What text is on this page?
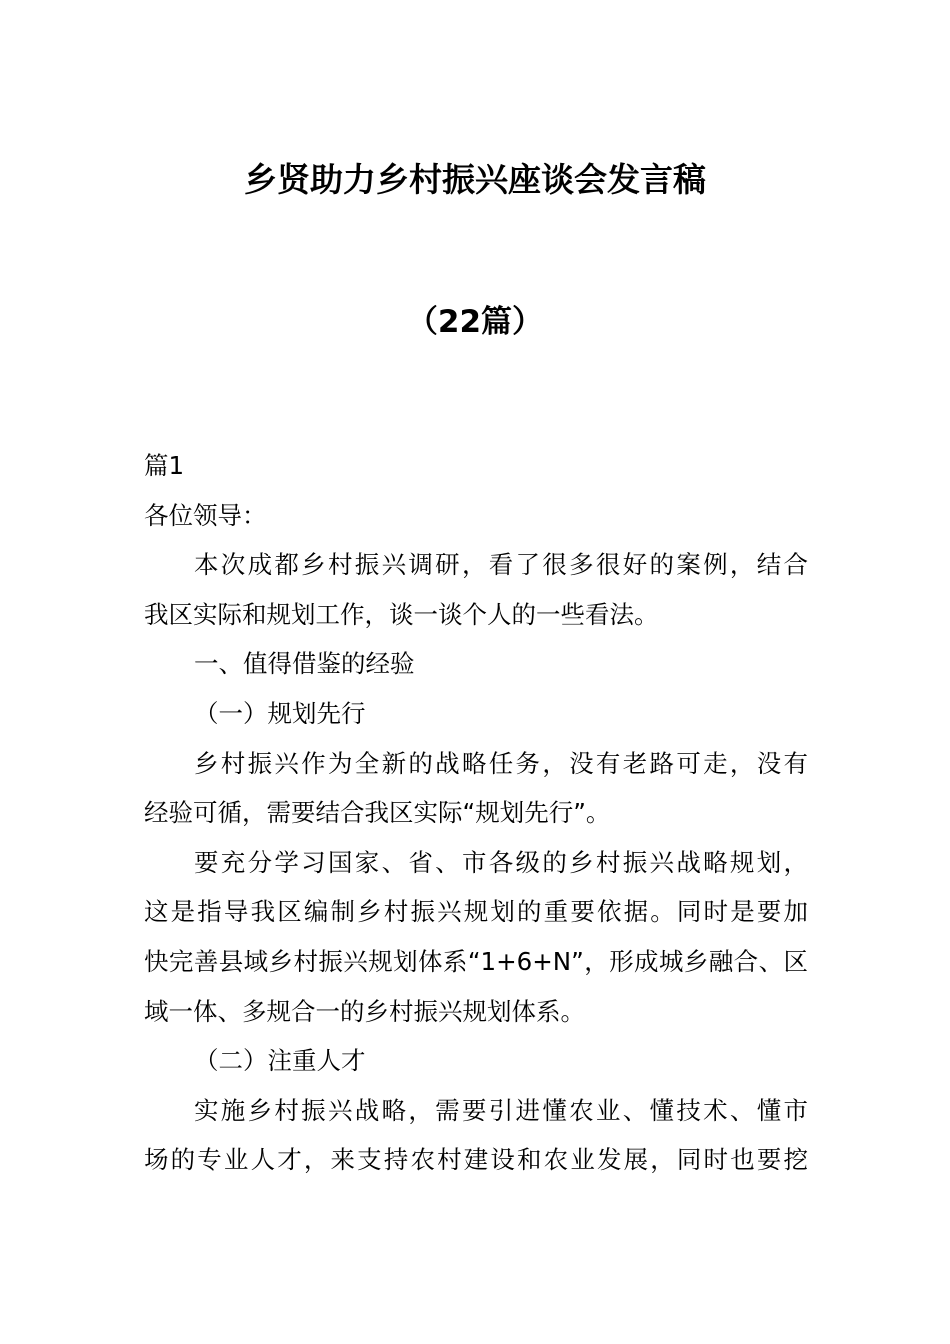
乡贤助力乡村振兴座谈会发言稿
（22篇）
篇1
各位领导：
本次成都乡村振兴调研，看了很多很好的案例，结合
我区实际和规划工作，谈一谈个人的一些看法。
一、值得借鉴的经验
（一）规划先行
乡村振兴作为全新的战略任务，没有老路可走，没有
经验可循，需要结合我区实际“规划先行”。
要充分学习国家、省、市各级的乡村振兴战略规划，
这是指导我区编制乡村振兴规划的重要依据。同时是要加
快完善县域乡村振兴规划体系“1+6+N”，形成城乡融合、区
域一体、多规合一的乡村振兴规划体系。
（二）注重人才
实施乡村振兴战略，需要引进懂农业、懂技术、懂市
场的专业人才，来支持农村建设和农业发展，同时也要挖
